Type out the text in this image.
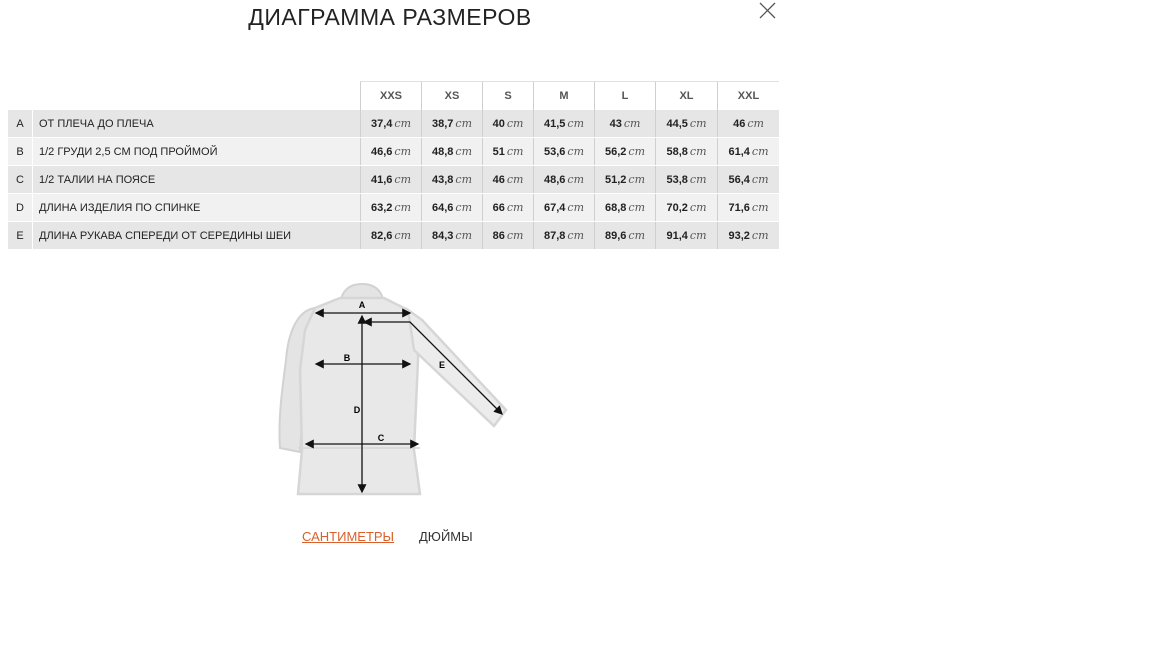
ДИАГРАММА РАЗМЕРОВ
		XXS	XS	S	M	L	XL	XXL
A	ОТ ПЛЕЧА ДО ПЛЕЧА	37,4 cm	38,7 cm	40 cm	41,5 cm	43 cm	44,5 cm	46 cm
B	1/2 ГРУДИ 2,5 СМ ПОД ПРОЙМОЙ	46,6 cm	48,8 cm	51 cm	53,6 cm	56,2 cm	58,8 cm	61,4 cm
C	1/2 ТАЛИИ НА ПОЯСЕ	41,6 cm	43,8 cm	46 cm	48,6 cm	51,2 cm	53,8 cm	56,4 cm
D	ДЛИНА ИЗДЕЛИЯ ПО СПИНКЕ	63,2 cm	64,6 cm	66 cm	67,4 cm	68,8 cm	70,2 cm	71,6 cm
E	ДЛИНА РУКАВА СПЕРЕДИ ОТ СЕРЕДИНЫ ШЕИ	82,6 cm	84,3 cm	86 cm	87,8 cm	89,6 cm	91,4 cm	93,2 cm
A
B
C
D
E
САНТИМЕТРЫ ДЮЙМЫ
